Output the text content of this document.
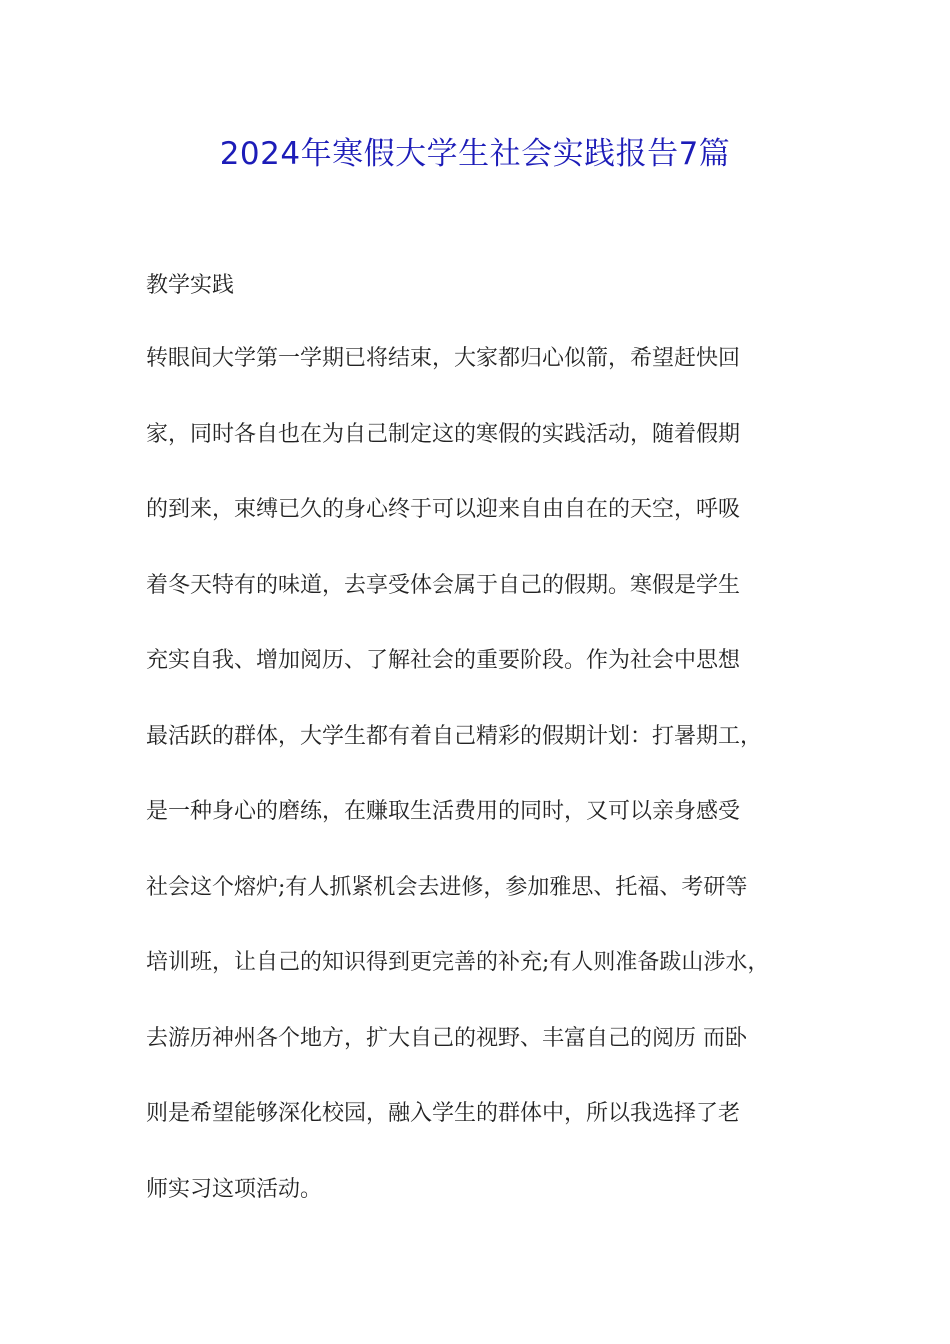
2024年寒假大学生社会实践报告7篇
教学实践
转眼间大学第一学期已将结束，大家都归心似箭，希望赶快回
家，同时各自也在为自己制定这的寒假的实践活动，随着假期
的到来，束缚已久的身心终于可以迎来自由自在的天空，呼吸
着冬天特有的味道，去享受体会属于自己的假期。寒假是学生
充实自我、增加阅历、了解社会的重要阶段。作为社会中思想
最活跃的群体，大学生都有着自己精彩的假期计划：打暑期工，
是一种身心的磨练，在赚取生活费用的同时，又可以亲身感受
社会这个熔炉;有人抓紧机会去进修，参加雅思、托福、考研等
培训班，让自己的知识得到更完善的补充;有人则准备跋山涉水，
去游历神州各个地方，扩大自己的视野、丰富自己的阅历 而卧
则是希望能够深化校园，融入学生的群体中，所以我选择了老
师实习这项活动。
